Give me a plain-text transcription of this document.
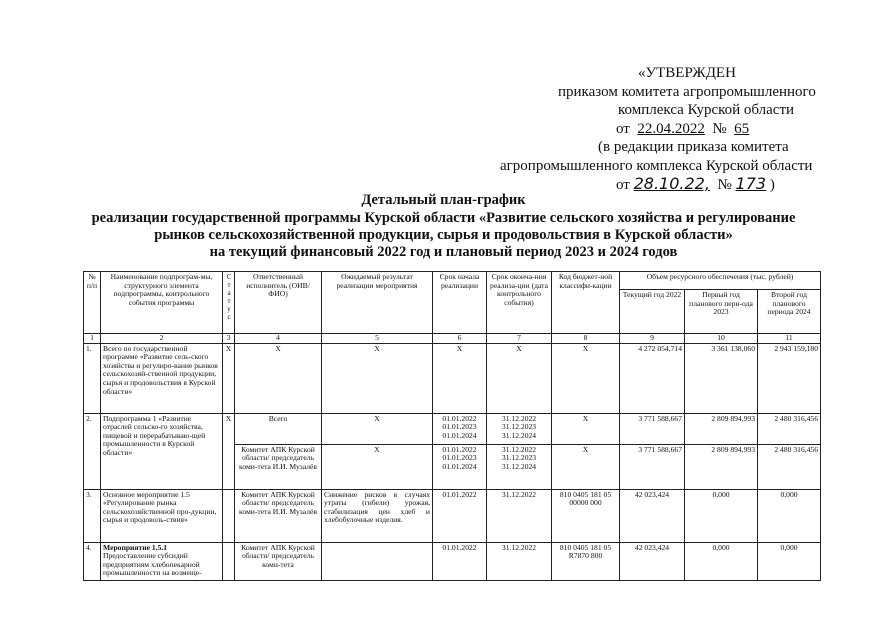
«УТВЕРЖДЕН
приказом комитета агропромышленного
комплекса Курской области
от 22.04.2022 № 65
(в редакции приказа комитета
агропромышленного комплекса Курской области
от 28.10.22, № 173 )
Детальный план-график
реализации государственной программы Курской области «Развитие сельского хозяйства и регулирование
рынков сельскохозяйственной продукции, сырья и продовольствия в Курской области»
на текущий финансовый 2022 год и плановый период 2023 и 2024 годов
№ п/п	Наименование подпрограм-мы, структурного элемента подпрограммы, контрольного события программы	Статус	Ответственный исполнитель (ОИВ/ФИО)	Ожидаемый результат реализации мероприятия	Срок начала реализации	Срок оконча-ния реализа-ции (дата контрольного события)	Код бюджет-ной классифи-кации	Объем ресурсного обеспечения (тыс. рублей)		
								Текущий год 2022	Первый год планового пери-ода 2023	Второй год планового периода 2024
1	2	3	4	5	6	7	8	9	10	11
1.	Всего по государственной программе «Развитие сель-ского хозяйства и регулиро-вание рынков сельскохозяй-ственной продукции, сырья и продовольствия в Курской области»	Х	Х	Х	Х	Х	Х	4 272 054,714	3 361 138,060	2 943 159,180
2.	Подпрограмма 1 «Развитие отраслей сельско-го хозяйства, пищевой и перерабатываю-щей промышленности в Курской области»	Х	Всего	Х	01.01.2022 01.01.2023 01.01.2024	31.12.2022 31.12.2023 31.12.2024	Х	3 771 588,667	2 809 894,993	2 480 316,456
			Комитет АПК Курской области/ председатель коми-тета И.И. Музалёв	Х	01.01.2022 01.01.2023 01.01.2024	31.12.2022 31.12.2023 31.12.2024	Х	3 771 588,667	2 809 894,993	2 480 316,456
3.	Основное мероприятие 1.5 «Регулирование рынка сельскохозяйственной про-дукции, сырья и продоволь-ствия»		Комитет АПК Курской области/ председатель коми-тета И.И. Музалёв	Снижение рисков в случаях утраты (гибели) урожая, стабилизация цен хлеб и хлебобулочные изделия.	01.01.2022	31.12.2022	810 0405 181 05 00000 000	42 023,424	0,000	0,000
4.	Мероприятие 1.5.1
Предоставление субсидий предприятиям хлебопекарной промышленности на возмеще-		Комитет АПК Курской области/ председатель коми-тета		01.01.2022	31.12.2022	810 0405 181 05 R7870 800	42 023,424	0,000	0,000
